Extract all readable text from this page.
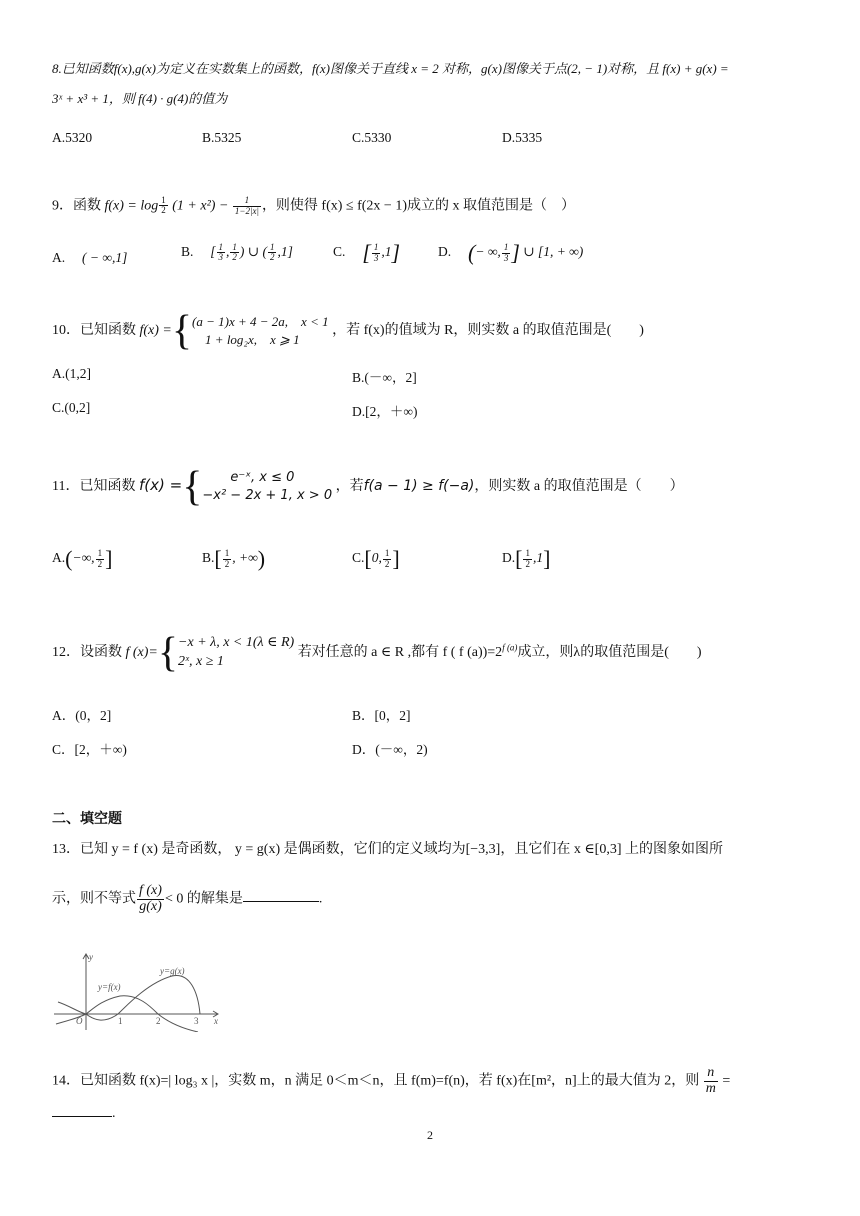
8.已知函数f(x),g(x)为定义在实数集上的函数，f(x)图像关于直线 x = 2 对称，g(x)图像关于点(2, − 1)对称，且 f(x) + g(x) =
3ˣ + x³ + 1，则 f(4) · g(4)的值为
A.5320	B.5325	C.5330	D.5335
9．函数 $f(x) = \log \frac{1}{2} (1 + x^2) - \frac{1}{1-2|x|}$ ，则使得 f(x) ≤ f(2x − 1)成立的 x 取值范围是（　）
A.　 ( − ∞,1]	B.　 [ $\frac{1}{3}$ , $\frac{1}{2}$ ) ∪ ( $\frac{1}{2} ,1$]	C.　 [ $\frac{1}{3} ,1$]	D.　 (− ∞, $\frac{1}{3}$ ] ∪ [1, + ∞)
10．已知函数 f(x) ={ (a − 1)x + 4 − 2a,　x < 1
　1 + log₂x,　x ⩾ 1
，若 f(x)的值域为 R，则实数 a 的取值范围是(　　)
A.(1,2]	B.(－∞，2]
C.(0,2]	D.[2，＋∞)
11．已知函数 f(x) ={	e⁻ˣ, x ≤ 0
−x² − 2x + 1, x > 0
，若f(a − 1) ≥ f(−a)，则实数 a 的取值范围是（　　）
A.(−∞, $\frac{1}{2}$ ]	$B.[ \frac{1}{2}$ , +∞)	C.[0, $\frac{1}{2}$ ]	$D.[ \frac{1}{2} ,1]$
12．设函数 f (x)={ −x + λ, x < 1(λ ∈ R)
2ˣ, x ≥ 1
若对任意的 a ∈ R ,都有 f ( f $(a))=2^{f (a)}$成立，则λ的取值范围是(　　)
A．(0，2]	B．[0，2]
C．[2，＋∞)	D．(－∞，2)
二、填空题
13．已知 y = f (x) 是奇函数， y = g(x) 是偶函数，它们的定义域均为[−3,3]，且它们在 x ∈[0,3] 上的图象如图所
示，则不等式 $\frac{f (x)}{g(x)} < 0$ 的解集是	.
y
x
O	1	2	3
y=f(x)
y=g(x)
14．已知函数 f(x)=| log₃ x |，实数 m，n 满足 0＜m＜n，且 f(m)=f(n)，若 f(x)在[m²，n]上的最大值为 2，则 $\frac{n}{m}$ =
.
2
